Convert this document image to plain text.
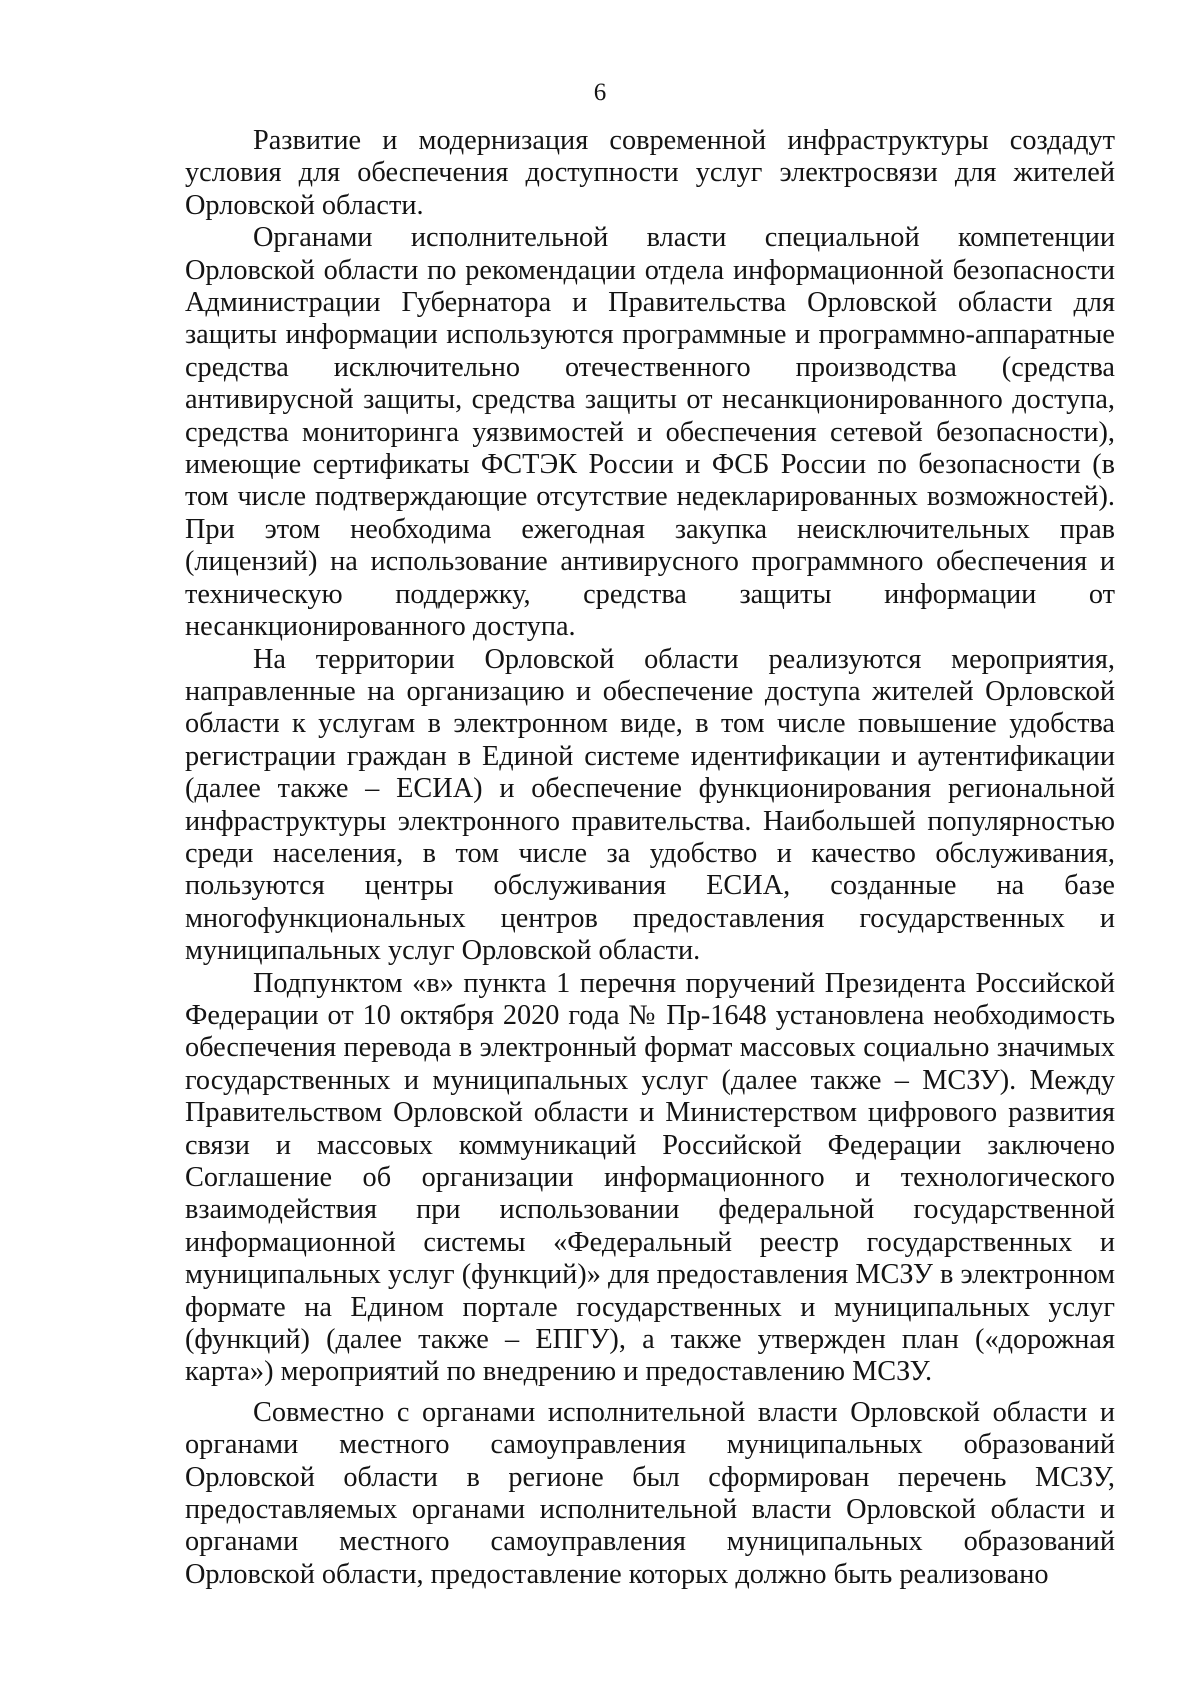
6

Развитие и модернизация современной инфраструктуры создадут условия для обеспечения доступности услуг электросвязи для жителей Орловской области.

Органами исполнительной власти специальной компетенции Орловской области по рекомендации отдела информационной безопасности Администрации Губернатора и Правительства Орловской области для защиты информации используются программные и программно-аппаратные средства исключительно отечественного производства (средства антивирусной защиты, средства защиты от несанкционированного доступа, средства мониторинга уязвимостей и обеспечения сетевой безопасности), имеющие сертификаты ФСТЭК России и ФСБ России по безопасности (в том числе подтверждающие отсутствие недекларированных возможностей). При этом необходима ежегодная закупка неисключительных прав (лицензий) на использование антивирусного программного обеспечения и техническую поддержку, средства защиты информации от несанкционированного доступа.

На территории Орловской области реализуются мероприятия, направленные на организацию и обеспечение доступа жителей Орловской области к услугам в электронном виде, в том числе повышение удобства регистрации граждан в Единой системе идентификации и аутентификации (далее также – ЕСИА) и обеспечение функционирования региональной инфраструктуры электронного правительства. Наибольшей популярностью среди населения, в том числе за удобство и качество обслуживания, пользуются центры обслуживания ЕСИА, созданные на базе многофункциональных центров предоставления государственных и муниципальных услуг Орловской области.

Подпунктом «в» пункта 1 перечня поручений Президента Российской Федерации от 10 октября 2020 года № Пр-1648 установлена необходимость обеспечения перевода в электронный формат массовых социально значимых государственных и муниципальных услуг (далее также – МСЗУ). Между Правительством Орловской области и Министерством цифрового развития связи и массовых коммуникаций Российской Федерации заключено Соглашение об организации информационного и технологического взаимодействия при использовании федеральной государственной информационной системы «Федеральный реестр государственных и муниципальных услуг (функций)» для предоставления МСЗУ в электронном формате на Едином портале государственных и муниципальных услуг (функций) (далее также – ЕПГУ), а также утвержден план («дорожная карта») мероприятий по внедрению и предоставлению МСЗУ.

Совместно с органами исполнительной власти Орловской области и органами местного самоуправления муниципальных образований Орловской области в регионе был сформирован перечень МСЗУ, предоставляемых органами исполнительной власти Орловской области и органами местного самоуправления муниципальных образований Орловской области, предоставление которых должно быть реализовано
